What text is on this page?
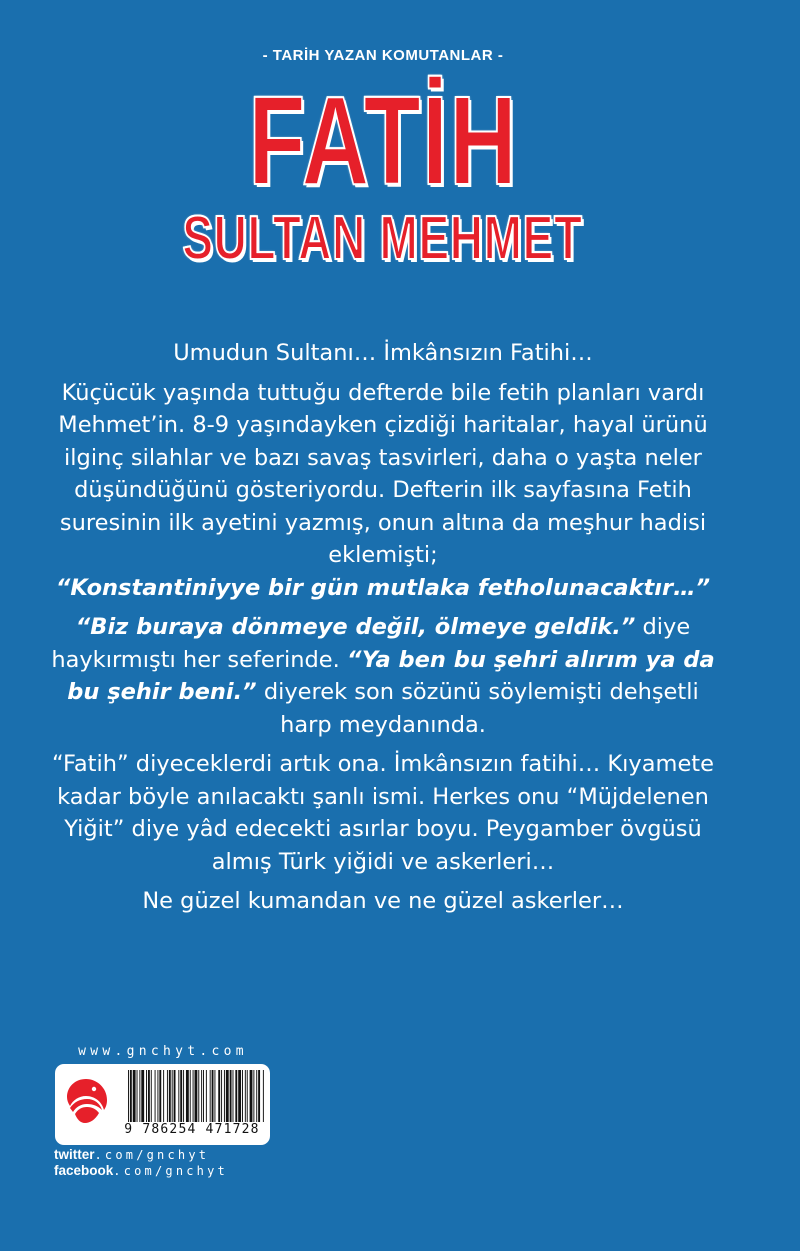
- TARİH YAZAN KOMUTANLAR -
FATİH
SULTAN MEHMET

Umudun Sultanı… İmkânsızın Fatihi…

Küçücük yaşında tuttuğu defterde bile fetih planları vardı Mehmet’in. 8-9 yaşındayken çizdiği haritalar, hayal ürünü ilginç silahlar ve bazı savaş tasvirleri, daha o yaşta neler düşündüğünü gösteriyordu. Defterin ilk sayfasına Fetih suresinin ilk ayetini yazmış, onun altına da meşhur hadisi eklemişti;
“Konstantiniyye bir gün mutlaka fetholunacaktır…”

“Biz buraya dönmeye değil, ölmeye geldik.” diye haykırmıştı her seferinde. “Ya ben bu şehri alırım ya da bu şehir beni.” diyerek son sözünü söylemişti dehşetli harp meydanında.

“Fatih” diyeceklerdi artık ona. İmkânsızın fatihi… Kıyamete kadar böyle anılacaktı şanlı ismi. Herkes onu “Müjdelenen Yiğit” diye yâd edecekti asırlar boyu. Peygamber övgüsü almış Türk yiğidi ve askerleri…

Ne güzel kumandan ve ne güzel askerler…

www.gnchyt.com
9 786254 471728
twitter.com/gnchyt
facebook.com/gnchyt
